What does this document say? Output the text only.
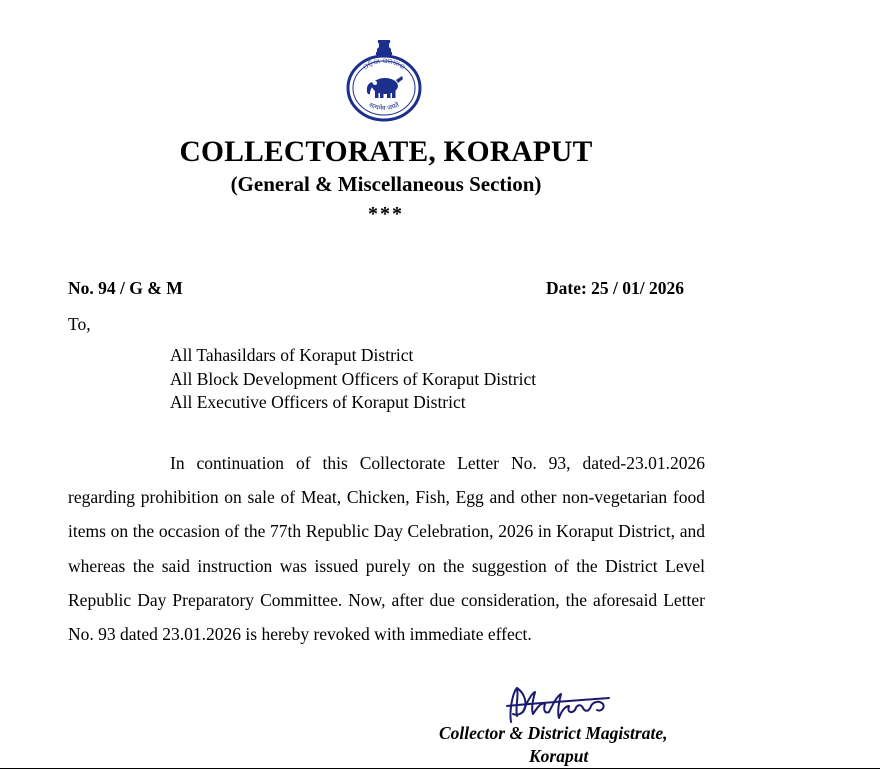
ଓଡ଼ିଶା ସରକାର
सत्यमेव जयते
COLLECTORATE, KORAPUT
(General & Miscellaneous Section)
***
No. 94 / G & M	Date: 25 / 01/ 2026
To,
All Tahasildars of Koraput District
All Block Development Officers of Koraput District
All Executive Officers of Koraput District

In continuation of this Collectorate Letter No. 93, dated-23.01.2026 regarding prohibition on sale of Meat, Chicken, Fish, Egg and other non-vegetarian food items on the occasion of the 77th Republic Day Celebration, 2026 in Koraput District, and whereas the said instruction was issued purely on the suggestion of the District Level Republic Day Preparatory Committee. Now, after due consideration, the aforesaid Letter No. 93 dated 23.01.2026 is hereby revoked with immediate effect.

Collector & District Magistrate,
Koraput
